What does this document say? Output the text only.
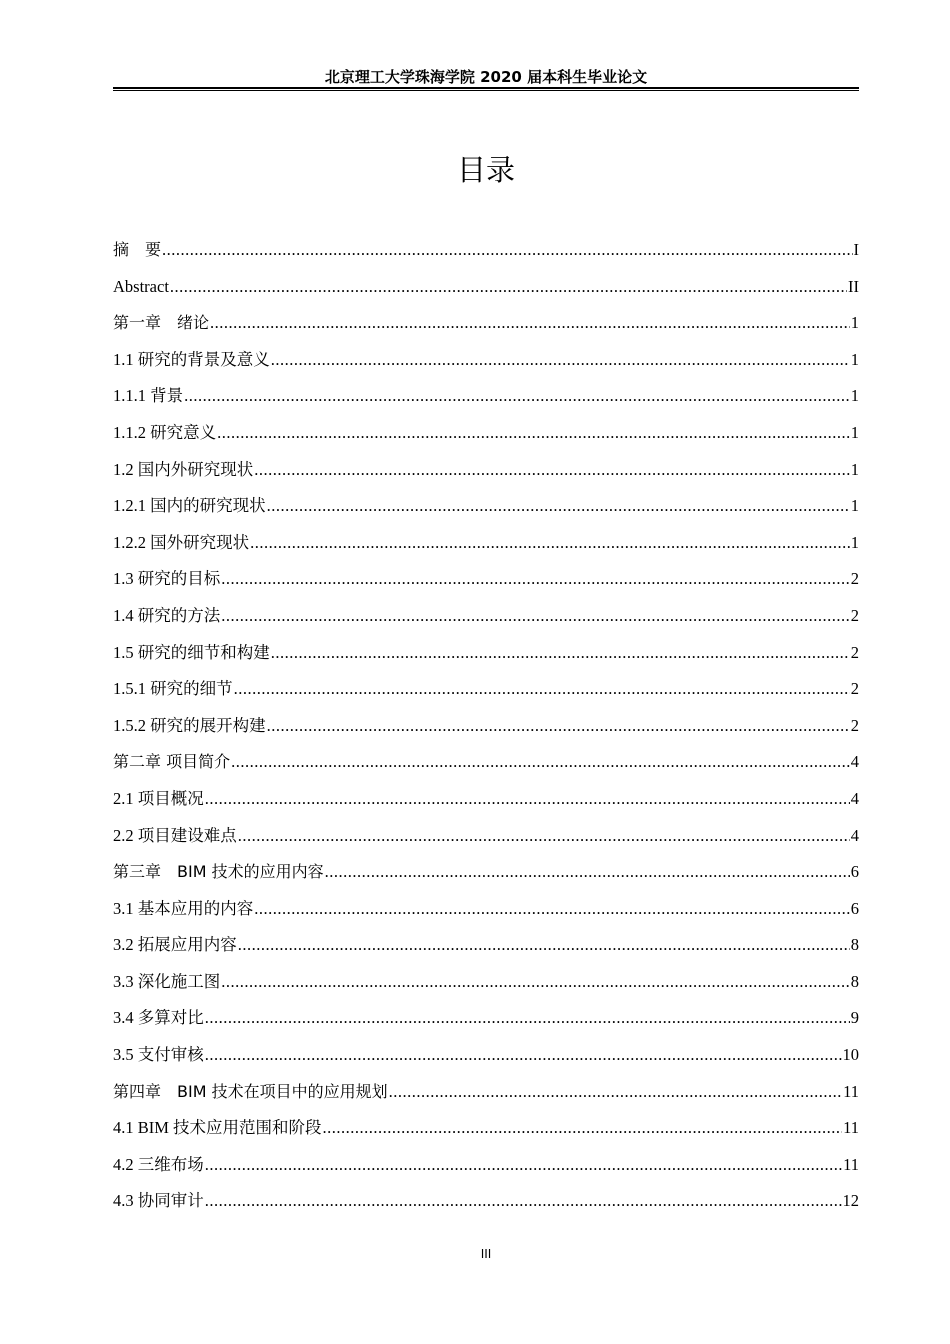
北京理工大学珠海学院 2020 届本科生毕业论文
目录
摘　要 .....	I
Abstract .....	II
第一章　绪论 .....	1
1.1 研究的背景及意义 .....	1
1.1.1 背景 .....	1
1.1.2 研究意义 .....	1
1.2 国内外研究现状 .....	1
1.2.1 国内的研究现状 .....	1
1.2.2 国外研究现状 .....	1
1.3 研究的目标 .....	2
1.4 研究的方法 .....	2
1.5 研究的细节和构建 .....	2
1.5.1 研究的细节 .....	2
1.5.2 研究的展开构建 .....	2
第二章 项目简介 .....	4
2.1 项目概况 .....	4
2.2 项目建设难点 .....	4
第三章　BIM 技术的应用内容 .....	6
3.1 基本应用的内容 .....	6
3.2 拓展应用内容 .....	8
3.3 深化施工图 .....	8
3.4 多算对比 .....	9
3.5 支付审核 .....	10
第四章　BIM 技术在项目中的应用规划 .....	11
4.1 BIM 技术应用范围和阶段 .....	11
4.2 三维布场 .....	11
4.3 协同审计 .....	12
III
